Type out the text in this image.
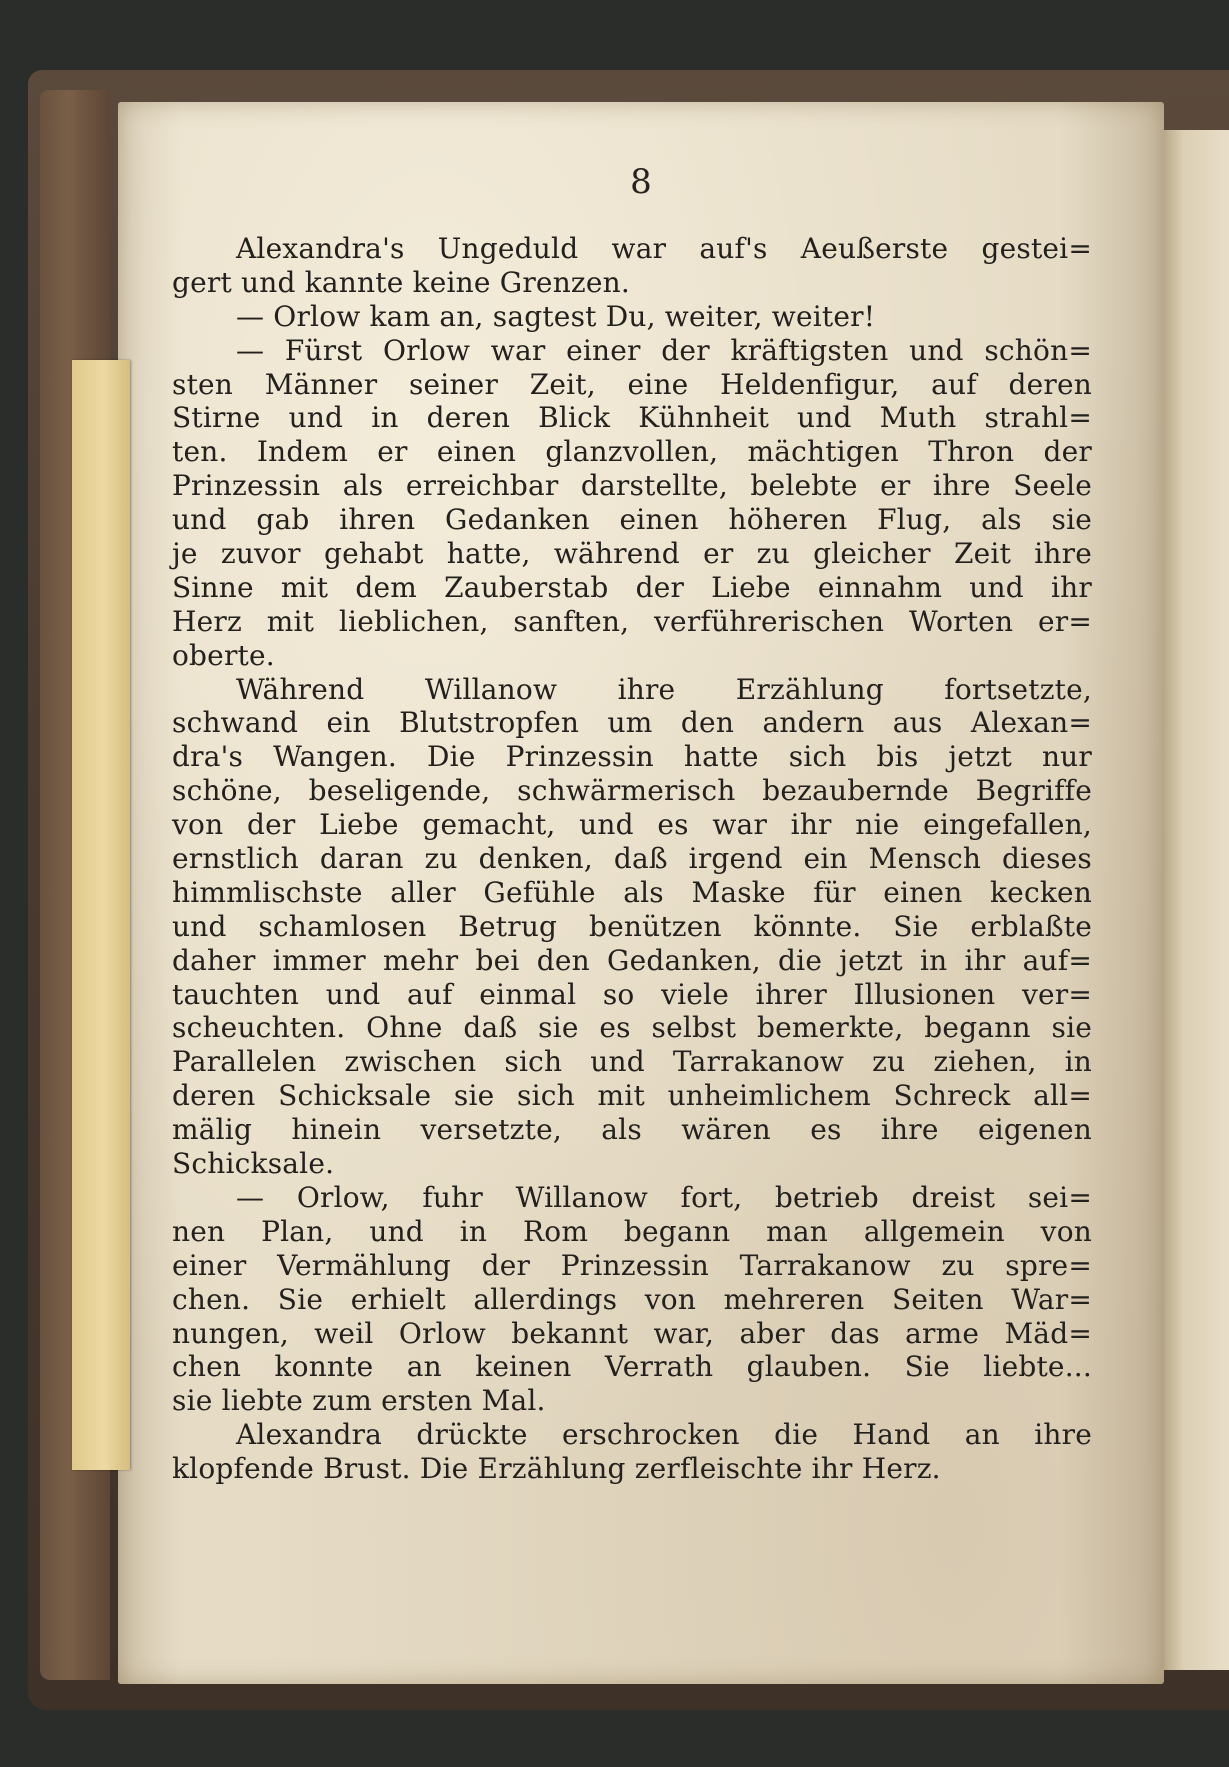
8
Alexandra's Ungeduld war auf's Aeußerste gestei=
gert und kannte keine Grenzen.
— Orlow kam an, sagtest Du, weiter, weiter!
— Fürst Orlow war einer der kräftigsten und schön=
sten Männer seiner Zeit, eine Heldenfigur, auf deren
Stirne und in deren Blick Kühnheit und Muth strahl=
ten. Indem er einen glanzvollen, mächtigen Thron der
Prinzessin als erreichbar darstellte, belebte er ihre Seele
und gab ihren Gedanken einen höheren Flug, als sie
je zuvor gehabt hatte, während er zu gleicher Zeit ihre
Sinne mit dem Zauberstab der Liebe einnahm und ihr
Herz mit lieblichen, sanften, verführerischen Worten er=
oberte.
Während Willanow ihre Erzählung fortsetzte,
schwand ein Blutstropfen um den andern aus Alexan=
dra's Wangen. Die Prinzessin hatte sich bis jetzt nur
schöne, beseligende, schwärmerisch bezaubernde Begriffe
von der Liebe gemacht, und es war ihr nie eingefallen,
ernstlich daran zu denken, daß irgend ein Mensch dieses
himmlischste aller Gefühle als Maske für einen kecken
und schamlosen Betrug benützen könnte. Sie erblaßte
daher immer mehr bei den Gedanken, die jetzt in ihr auf=
tauchten und auf einmal so viele ihrer Illusionen ver=
scheuchten. Ohne daß sie es selbst bemerkte, begann sie
Parallelen zwischen sich und Tarrakanow zu ziehen, in
deren Schicksale sie sich mit unheimlichem Schreck all=
mälig hinein versetzte, als wären es ihre eigenen
Schicksale.
— Orlow, fuhr Willanow fort, betrieb dreist sei=
nen Plan, und in Rom begann man allgemein von
einer Vermählung der Prinzessin Tarrakanow zu spre=
chen. Sie erhielt allerdings von mehreren Seiten War=
nungen, weil Orlow bekannt war, aber das arme Mäd=
chen konnte an keinen Verrath glauben. Sie liebte...
sie liebte zum ersten Mal.
Alexandra drückte erschrocken die Hand an ihre
klopfende Brust. Die Erzählung zerfleischte ihr Herz.
